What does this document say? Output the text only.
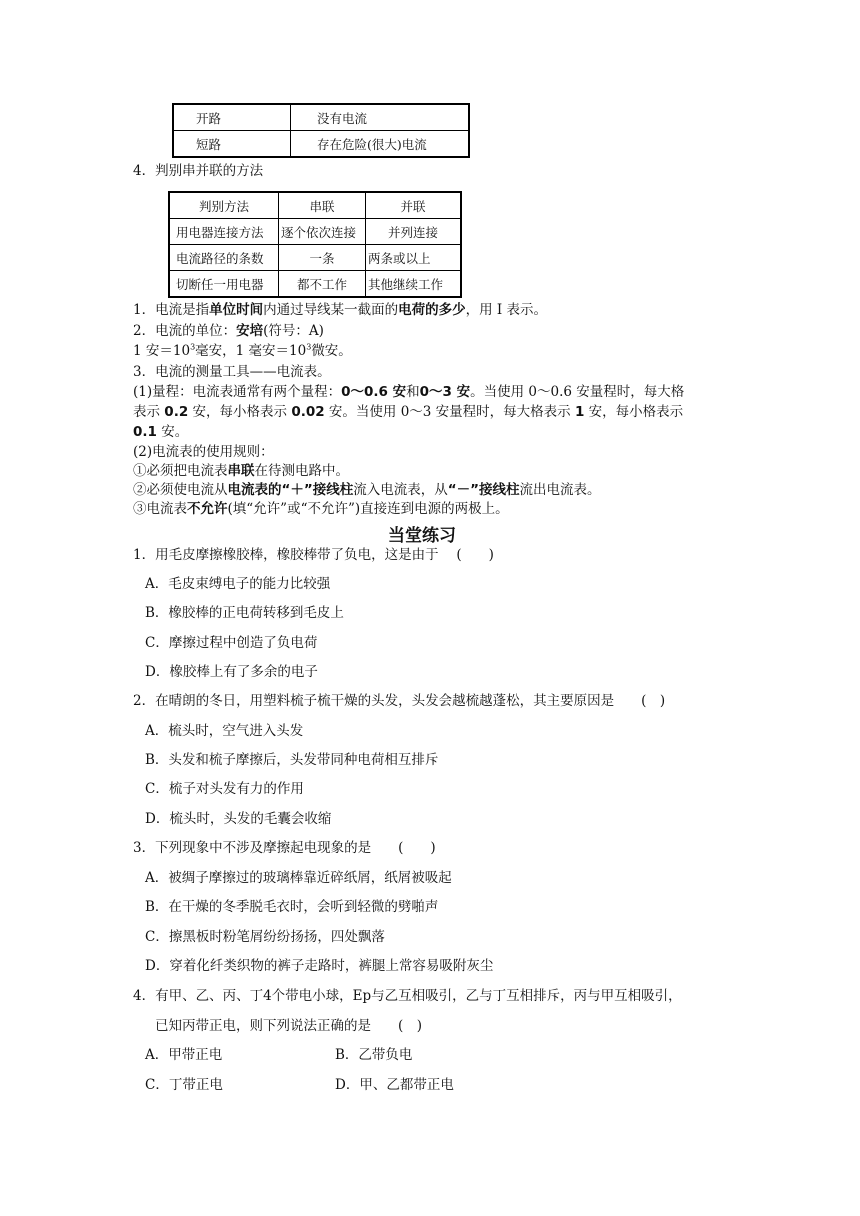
开路	没有电流
短路	存在危险(很大)电流
4．判别串并联的方法
判别方法	串联	并联
用电器连接方法	逐个依次连接	并列连接
电流路径的条数	一条	两条或以上
切断任一用电器	都不工作	其他继续工作
1．电流是指单位时间内通过导线某一截面的电荷的多少，用 I 表示。
2．电流的单位：安培(符号：A)
1 安$=10^3$毫安，1 毫安$=10^3$微安。
3．电流的测量工具——电流表。
(1)量程：电流表通常有两个量程：0～0.6 安和0～3 安。当使用 0～0.6 安量程时，每大格
表示 0.2 安，每小格表示 0.02 安。当使用 0～3 安量程时，每大格表示 1 安，每小格表示
0.1 安。
(2)电流表的使用规则：
①必须把电流表串联在待测电路中。
②必须使电流从电流表的“＋”接线柱流入电流表，从“－”接线柱流出电流表。
③电流表不允许(填“允许”或“不允许”)直接连到电源的两极上。
当堂练习
1．用毛皮摩擦橡胶棒，橡胶棒带了负电，这是由于 　(　　)
A．毛皮束缚电子的能力比较强
B．橡胶棒的正电荷转移到毛皮上
C．摩擦过程中创造了负电荷
D．橡胶棒上有了多余的电子
2．在晴朗的冬日，用塑料梳子梳干燥的头发，头发会越梳越蓬松，其主要原因是　　(　)
A．梳头时，空气进入头发
B．头发和梳子摩擦后，头发带同种电荷相互排斥
C．梳子对头发有力的作用
D．梳头时，头发的毛囊会收缩
3．下列现象中不涉及摩擦起电现象的是　　(　　)
A．被绸子摩擦过的玻璃棒靠近碎纸屑，纸屑被吸起
B．在干燥的冬季脱毛衣时，会听到轻微的劈啪声
C．擦黑板时粉笔屑纷纷扬扬，四处飘落
D．穿着化纤类织物的裤子走路时，裤腿上常容易吸附灰尘
4．有甲、乙、丙、丁4个带电小球，Ep与乙互相吸引，乙与丁互相排斥，丙与甲互相吸引，
已知丙带正电，则下列说法正确的是　　(　)
A．甲带正电	B．乙带负电
C．丁带正电	D．甲、乙都带正电
